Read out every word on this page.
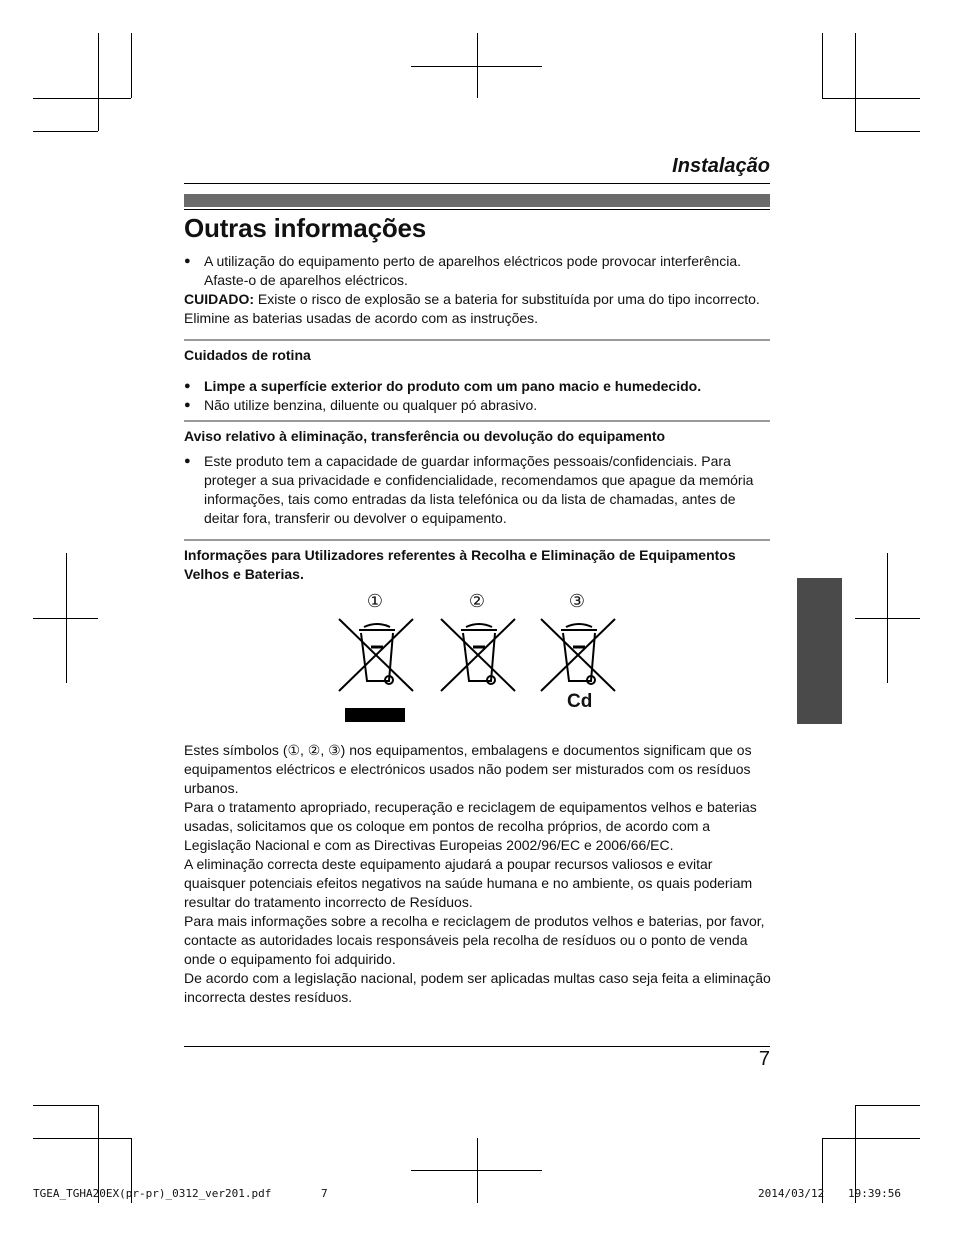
Instalação
Outras informações
● A utilização do equipamento perto de aparelhos eléctricos pode provocar interferência. Afaste-o de aparelhos eléctricos.
CUIDADO: Existe o risco de explosão se a bateria for substituída por uma do tipo incorrecto. Elimine as baterias usadas de acordo com as instruções.
Cuidados de rotina
● Limpe a superfície exterior do produto com um pano macio e humedecido.
● Não utilize benzina, diluente ou qualquer pó abrasivo.
Aviso relativo à eliminação, transferência ou devolução do equipamento
● Este produto tem a capacidade de guardar informações pessoais/confidenciais. Para proteger a sua privacidade e confidencialidade, recomendamos que apague da memória informações, tais como entradas da lista telefónica ou da lista de chamadas, antes de deitar fora, transferir ou devolver o equipamento.
Informações para Utilizadores referentes à Recolha e Eliminação de Equipamentos Velhos e Baterias.
①	②	③
Cd
Estes símbolos (①, ②, ③) nos equipamentos, embalagens e documentos significam que os equipamentos eléctricos e electrónicos usados não podem ser misturados com os resíduos urbanos.
Para o tratamento apropriado, recuperação e reciclagem de equipamentos velhos e baterias usadas, solicitamos que os coloque em pontos de recolha próprios, de acordo com a Legislação Nacional e com as Directivas Europeias 2002/96/EC e 2006/66/EC.
A eliminação correcta deste equipamento ajudará a poupar recursos valiosos e evitar quaisquer potenciais efeitos negativos na saúde humana e no ambiente, os quais poderiam resultar do tratamento incorrecto de Resíduos.
Para mais informações sobre a recolha e reciclagem de produtos velhos e baterias, por favor, contacte as autoridades locais responsáveis pela recolha de resíduos ou o ponto de venda onde o equipamento foi adquirido.
De acordo com a legislação nacional, podem ser aplicadas multas caso seja feita a eliminação incorrecta destes resíduos.
7
TGEA_TGHA20EX(pr-pr)_0312_ver201.pdf	7	2014/03/12 19:39:56
